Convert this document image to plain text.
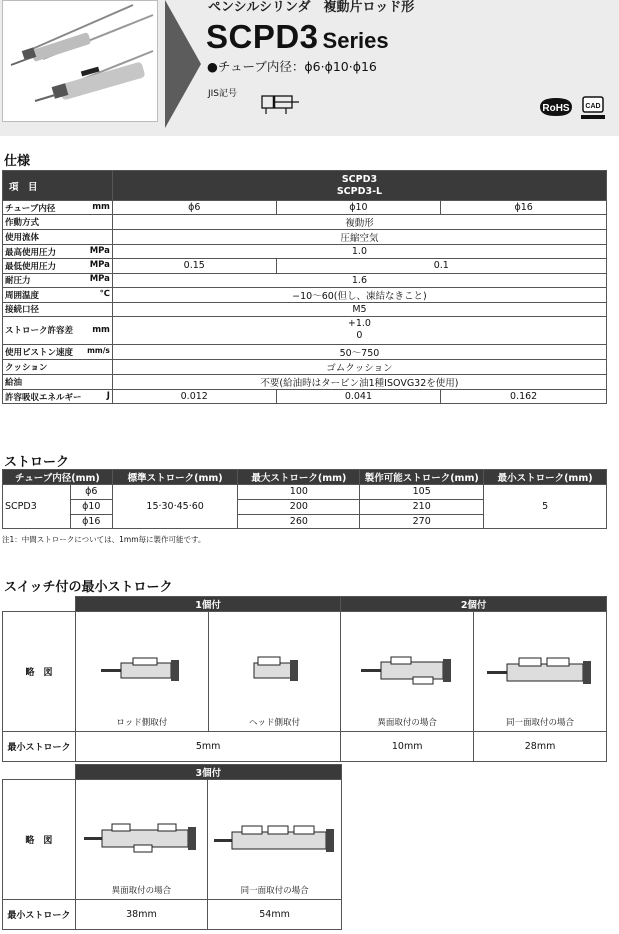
ペンシルシリンダ　複動片ロッド形
SCPD3 Series
●チューブ内径：ϕ6·ϕ10·ϕ16
JIS記号
RoHS CAD
仕様
項　目	SCPD3
SCPD3-L		
チューブ内径 mm	ϕ6	ϕ10	ϕ16
作動方式	複動形		
使用流体	圧縮空気		
最高使用圧力 MPa	1.0		
最低使用圧力 MPa	0.15	0.1	
耐圧力 MPa	1.6		
周囲温度 ℃	−10～60(但し、凍結なきこと)		
接続口径	M5		
ストローク許容差 mm	+1.0
0		
使用ピストン速度 mm/s	50～750		
クッション	ゴムクッション		
給油	不要(給油時はタービン油1種ISOVG32を使用)		
許容吸収エネルギー J	0.012	0.041	0.162
ストローク
チューブ内径(mm)		標準ストローク(mm)	最大ストローク(mm)	製作可能ストローク(mm)	最小ストローク(mm)
SCPD3	ϕ6	15·30·45·60	100	105	5
	ϕ10		200	210	
	ϕ16		260	270	
注1：中間ストロークについては、1mm毎に製作可能です。
スイッチ付の最小ストローク
	1個付		2個付	
略　図	ロッド側取付	ヘッド側取付	異面取付の場合	同一面取付の場合

最小ストローク	5mm		10mm	28mm
	3個付	
略　図	異面取付の場合	同一面取付の場合

最小ストローク	38mm	54mm
